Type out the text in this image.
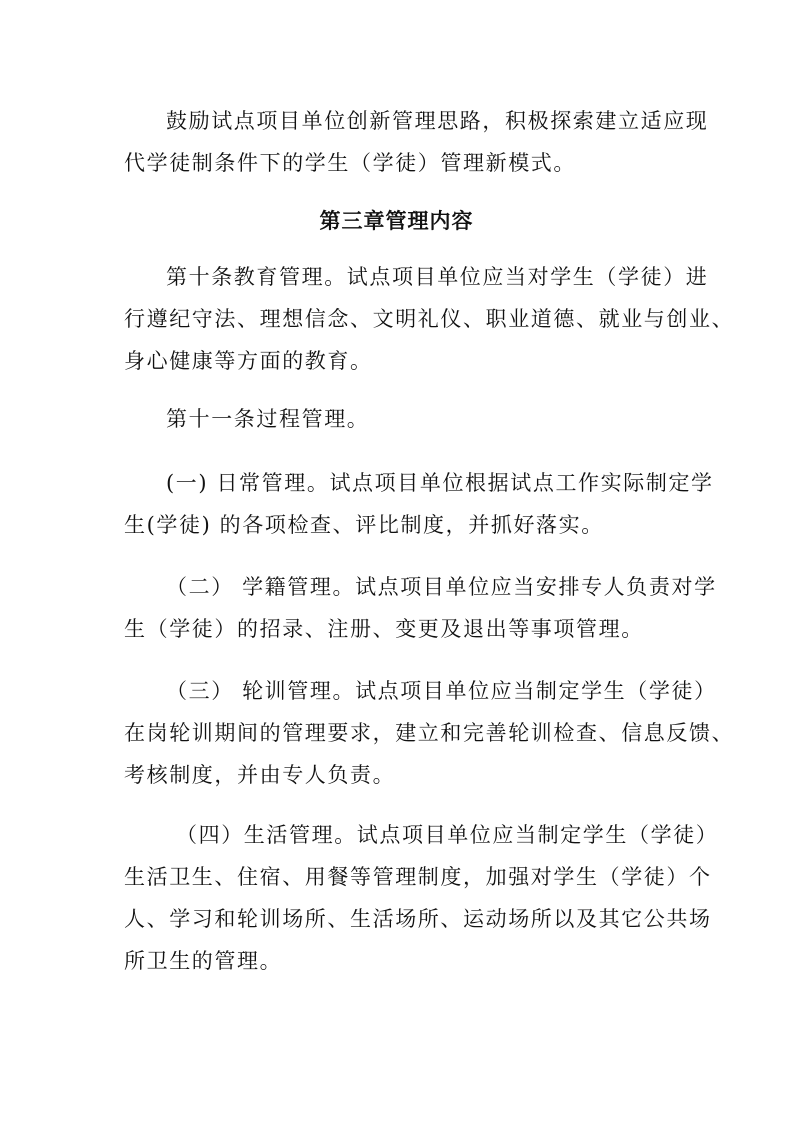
鼓励试点项目单位创新管理思路，积极探索建立适应现
代学徒制条件下的学生（学徒）管理新模式。
第三章管理内容
第十条教育管理。试点项目单位应当对学生（学徒）进
行遵纪守法、理想信念、文明礼仪、职业道德、就业与创业、
身心健康等方面的教育。
第十一条过程管理。
(一) 日常管理。试点项目单位根据试点工作实际制定学
生(学徒) 的各项检查、评比制度，并抓好落实。
（二） 学籍管理。试点项目单位应当安排专人负责对学
生（学徒）的招录、注册、变更及退出等事项管理。
（三） 轮训管理。试点项目单位应当制定学生（学徒）
在岗轮训期间的管理要求，建立和完善轮训检查、信息反馈、
考核制度，并由专人负责。
（四）生活管理。试点项目单位应当制定学生（学徒）
生活卫生、住宿、用餐等管理制度，加强对学生（学徒）个
人、学习和轮训场所、生活场所、运动场所以及其它公共场
所卫生的管理。
